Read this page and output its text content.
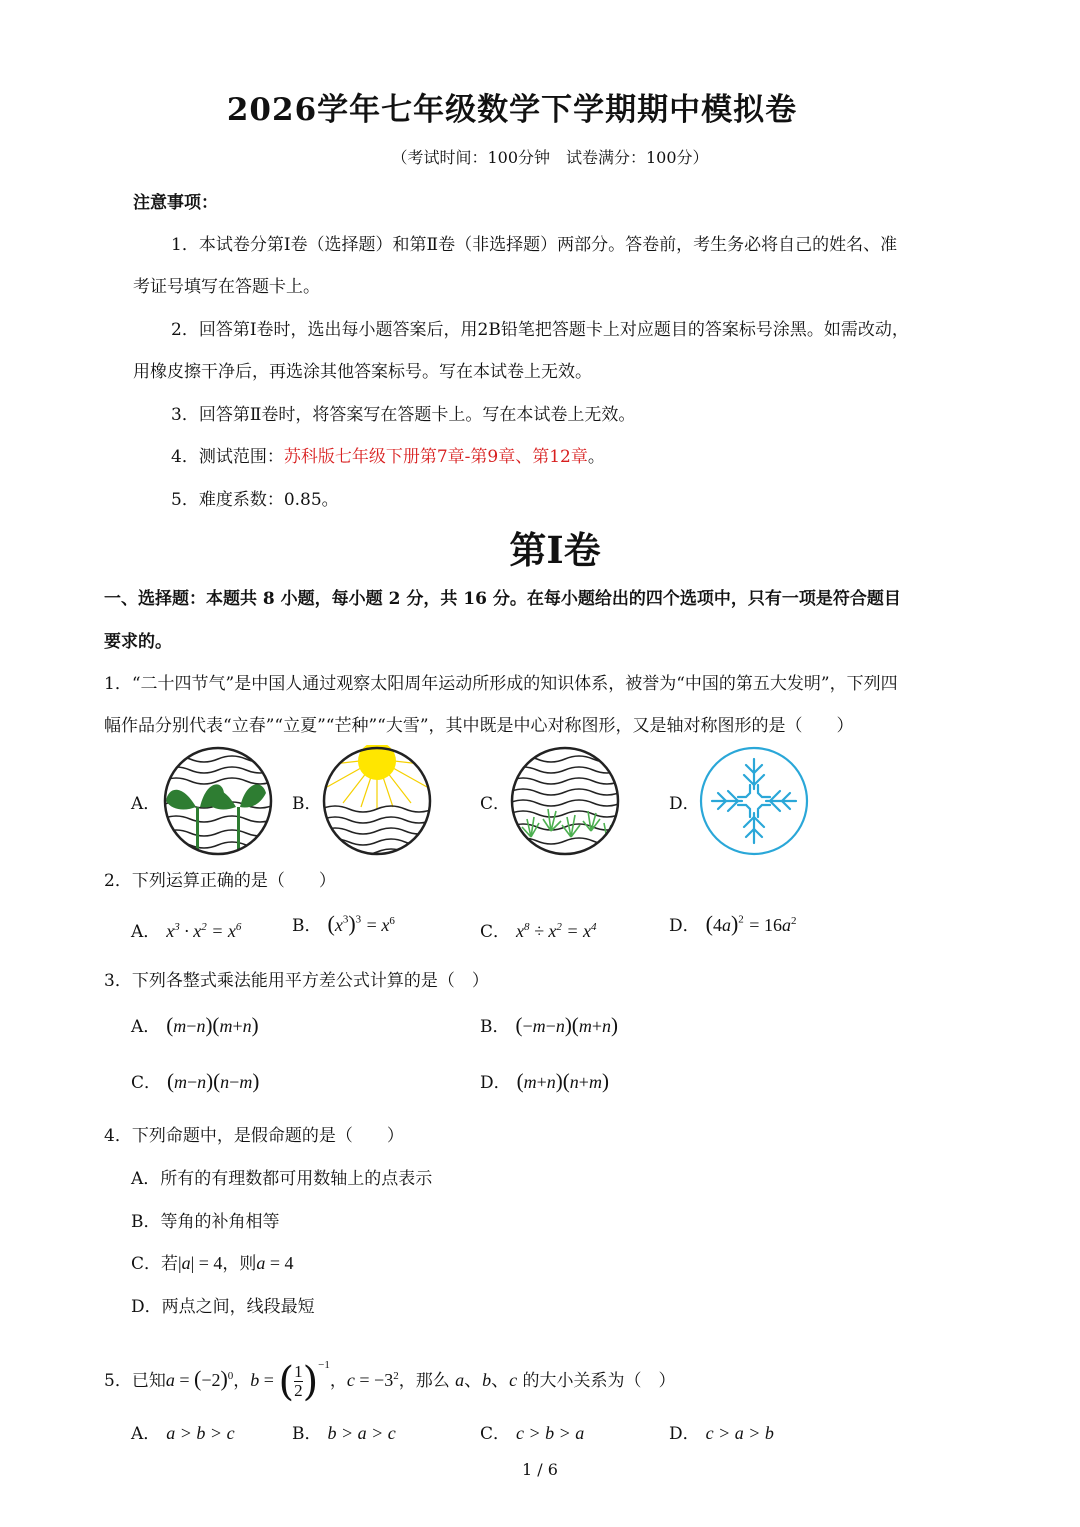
2026学年七年级数学下学期期中模拟卷
（考试时间：100分钟　试卷满分：100分）
注意事项：
1．本试卷分第Ⅰ卷（选择题）和第Ⅱ卷（非选择题）两部分。答卷前，考生务必将自己的姓名、准
考证号填写在答题卡上。
2．回答第Ⅰ卷时，选出每小题答案后，用2B铅笔把答题卡上对应题目的答案标号涂黑。如需改动，
用橡皮擦干净后，再选涂其他答案标号。写在本试卷上无效。
3．回答第Ⅱ卷时，将答案写在答题卡上。写在本试卷上无效。
4．测试范围：苏科版七年级下册第7章-第9章、第12章。
5．难度系数：0.85。
第Ⅰ卷
一、选择题：本题共 8 小题，每小题 2 分，共 16 分。在每小题给出的四个选项中，只有一项是符合题目
要求的。
1．“二十四节气”是中国人通过观察太阳周年运动所形成的知识体系，被誉为“中国的第五大发明”，下列四
幅作品分别代表“立春”“立夏”“芒种”“大雪”，其中既是中心对称图形，又是轴对称图形的是（　　）
A．	B．	C．	D．
2．下列运算正确的是（　　）
A． $x^3 \cdot x^2 = x^6$	B． $(x^3)^3 = x^6$
C． $x^8 \div x^2 = x^4$	D． $(4a)^2 = 16a^2$
3．下列各整式乘法能用平方差公式计算的是（　）
A． (m−n)(m+n)	B． (−m−n)(m+n)
C． (m−n)(n−m)	D． (m+n)(n+m)
4．下列命题中，是假命题的是（　　）
A．所有的有理数都可用数轴上的点表示
B．等角的补角相等
C．若|a| = 4，则a = 4
D．两点之间，线段最短
5．已知$a = (-2)^0$，b = ( $\frac{1}{2} )^{-1}$，$c = -3^2$，那么 a、b、c 的大小关系为（　）
A． a > b > c	B． b > a > c	C． c > b > a	D． c > a > b
1 / 6
